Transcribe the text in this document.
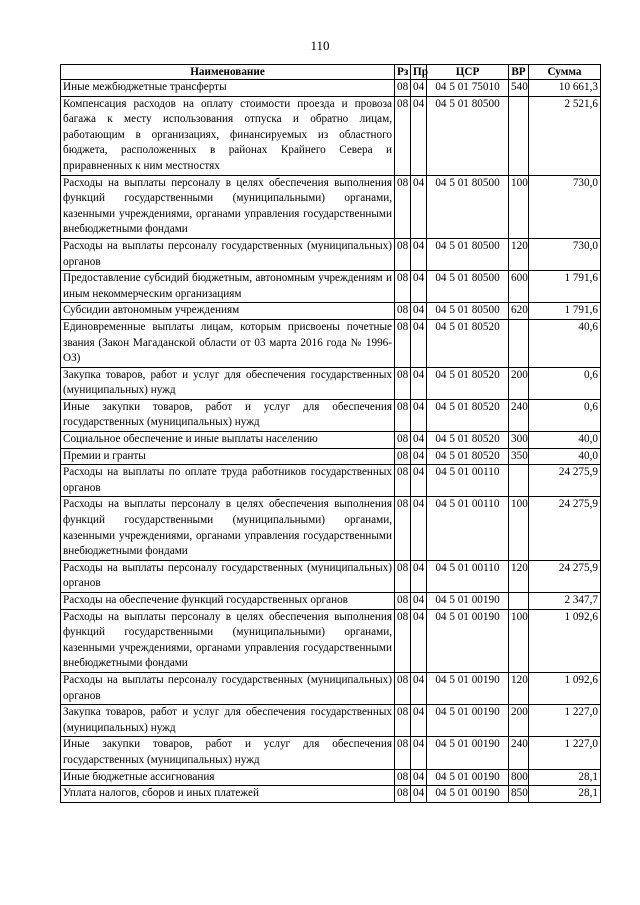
110
Наименование	Рз	Пр	ЦСР	ВР	Сумма
Иные межбюджетные трансферты	08	04	04 5 01 75010	540	10 661,3
Компенсация расходов на оплату стоимости проезда и провоза багажа к месту использования отпуска и обратно лицам, работающим в организациях, финансируемых из областного бюджета, расположенных в районах Крайнего Севера и приравненных к ним местностях	08	04	04 5 01 80500		2 521,6
Расходы на выплаты персоналу в целях обеспечения выполнения функций государственными (муниципальными) органами, казенными учреждениями, органами управления государственными внебюджетными фондами	08	04	04 5 01 80500	100	730,0
Расходы на выплаты персоналу государственных (муниципальных) органов	08	04	04 5 01 80500	120	730,0
Предоставление субсидий бюджетным, автономным учреждениям и иным некоммерческим организациям	08	04	04 5 01 80500	600	1 791,6
Субсидии автономным учреждениям	08	04	04 5 01 80500	620	1 791,6
Единовременные выплаты лицам, которым присвоены почетные звания (Закон Магаданской области от 03 марта 2016 года № 1996-ОЗ)	08	04	04 5 01 80520		40,6
Закупка товаров, работ и услуг для обеспечения государственных (муниципальных) нужд	08	04	04 5 01 80520	200	0,6
Иные закупки товаров, работ и услуг для обеспечения государственных (муниципальных) нужд	08	04	04 5 01 80520	240	0,6
Социальное обеспечение и иные выплаты населению	08	04	04 5 01 80520	300	40,0
Премии и гранты	08	04	04 5 01 80520	350	40,0
Расходы на выплаты по оплате труда работников государственных органов	08	04	04 5 01 00110		24 275,9
Расходы на выплаты персоналу в целях обеспечения выполнения функций государственными (муниципальными) органами, казенными учреждениями, органами управления государственными внебюджетными фондами	08	04	04 5 01 00110	100	24 275,9
Расходы на выплаты персоналу государственных (муниципальных) органов	08	04	04 5 01 00110	120	24 275,9
Расходы на обеспечение функций государственных органов	08	04	04 5 01 00190		2 347,7
Расходы на выплаты персоналу в целях обеспечения выполнения функций государственными (муниципальными) органами, казенными учреждениями, органами управления государственными внебюджетными фондами	08	04	04 5 01 00190	100	1 092,6
Расходы на выплаты персоналу государственных (муниципальных) органов	08	04	04 5 01 00190	120	1 092,6
Закупка товаров, работ и услуг для обеспечения государственных (муниципальных) нужд	08	04	04 5 01 00190	200	1 227,0
Иные закупки товаров, работ и услуг для обеспечения государственных (муниципальных) нужд	08	04	04 5 01 00190	240	1 227,0
Иные бюджетные ассигнования	08	04	04 5 01 00190	800	28,1
Уплата налогов, сборов и иных платежей	08	04	04 5 01 00190	850	28,1
